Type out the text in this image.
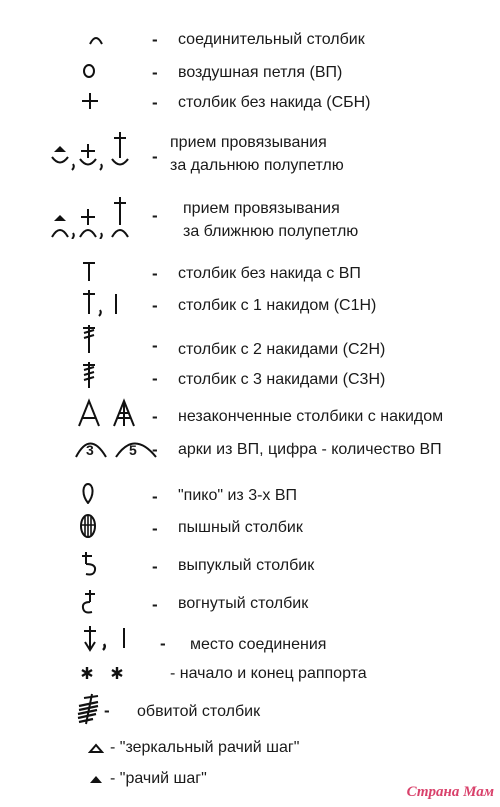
- соединительный столбик
- воздушная петля (ВП)
- столбик без накида (СБН)
-
прием провязывания
за дальнюю полупетлю
- прием провязывания
за ближнюю полупетлю
- столбик без накида с ВП
- столбик с 1 накидом (С1Н)
- столбик с 2 накидами (С2Н)
- столбик с 3 накидами (С3Н)
- незаконченные столбики с накидом
3	5 - арки из ВП, цифра - количество ВП
- "пико" из 3-х ВП
- пышный столбик
- выпуклый столбик
- вогнутый столбик
- место соединения
- начало и конец раппорта
- обвитой столбик
- "зеркальный рачий шаг"
- "рачий шаг"
Страна Мам
